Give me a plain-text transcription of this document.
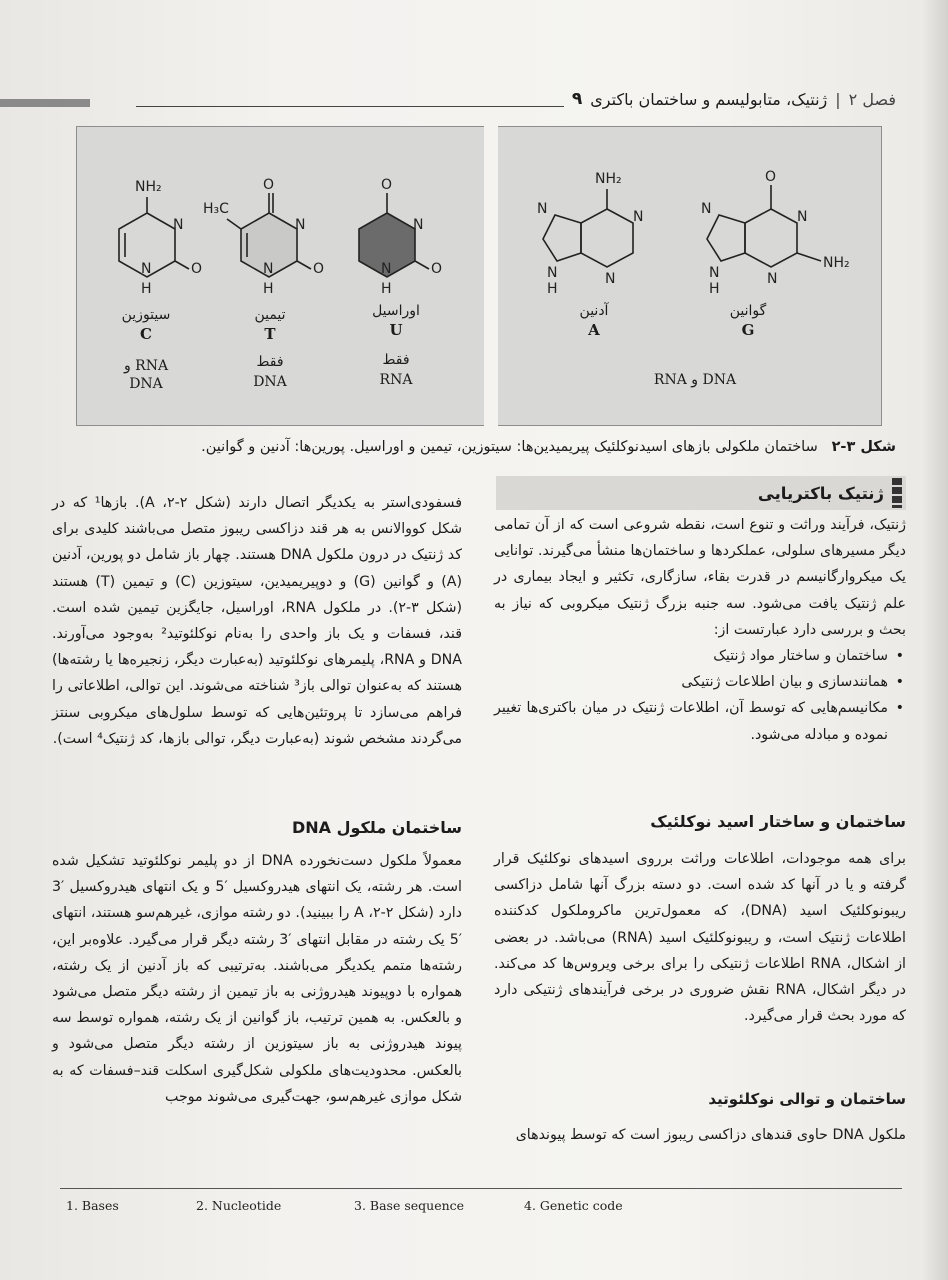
فصل ۲
|
ژنتیک، متابولیسم و ساختمان باکتری
۹
NH₂
N
O
N
H
O
H₃C
N
O
N
H
O
N
O
N
H
NH₂
N
N
N
N
H
O
N
NH₂
N
N
N
H
سیتوزین
C
RNA و
DNA
تیمین
T
فقط
DNA
اوراسیل
U
فقط
RNA
آدنین
A
گوانین
G
DNA و RNA
شکل ۳-۲   ساختمان ملکولی بازهای اسیدنوکلئیک پیریمیدین‌ها: سیتوزین، تیمین و اوراسیل. پورین‌ها: آدنین و گوانین.
ژنتیک باکتریایی

ژنتیک، فرآیند وراثت و تنوع است، نقطه شروعی است که از آن تمامی دیگر مسیرهای سلولی، عملکردها و ساختمان‌ها منشأ می‌گیرند. توانایی یک میکروارگانیسم در قدرت بقاء، سازگاری، تکثیر و ایجاد بیماری در علم ژنتیک یافت می‌شود. سه جنبه بزرگ ژنتیک میکروبی که نیاز به بحث و بررسی دارد عبارتست از:

• ساختمان و ساختار مواد ژنتیک
• همانندسازی و بیان اطلاعات ژنتیکی
• مکانیسم‌هایی که توسط آن، اطلاعات ژنتیک در میان باکتری‌ها تغییر نموده و مبادله می‌شود.
ساختمان و ساختار اسید نوکلئیک

برای همه موجودات، اطلاعات وراثت برروی اسیدهای نوکلئیک قرار گرفته و یا در آنها کد شده است. دو دسته بزرگ آنها شامل دزاکسی ریبونوکلئیک اسید (DNA)، که معمول‌ترین ماکروملکول کدکننده اطلاعات ژنتیک است، و ریبونوکلئیک اسید (RNA) می‌باشد. در بعضی از اشکال، RNA اطلاعات ژنتیکی را برای برخی ویروس‌ها کد می‌کند. در دیگر اشکال، RNA نقش ضروری در برخی فرآیندهای ژنتیکی دارد که مورد بحث قرار می‌گیرد.

ساختمان و توالی نوکلئوتید

ملکول DNA حاوی قندهای دزاکسی ریبوز است که توسط پیوندهای

فسفودی‌استر به یکدیگر اتصال دارند (شکل ۲-۲، A). بازها¹ که در شکل کووالانس به هر قند دزاکسی ریبوز متصل می‌باشند کلیدی برای کد ژنتیک در درون ملکول DNA هستند. چهار باز شامل دو پورین، آدنین (A) و گوانین (G) و دوپیریمیدین، سیتوزین (C) و تیمین (T) هستند (شکل ۳-۲). در ملکول RNA، اوراسیل، جایگزین تیمین شده است. قند، فسفات و یک باز واحدی را به‌نام نوکلئوتید² به‌وجود می‌آورند. DNA و RNA، پلیمرهای نوکلئوتید (به‌عبارت دیگر، زنجیره‌ها یا رشته‌ها) هستند که به‌عنوان توالی باز³ شناخته می‌شوند. این توالی، اطلاعاتی را فراهم می‌سازد تا پروتئین‌هایی که توسط سلول‌های میکروبی سنتز می‌گردند مشخص شوند (به‌عبارت دیگر، توالی بازها، کد ژنتیک⁴ است).

ساختمان ملکول DNA

معمولاً ملکول دست‌نخورده DNA از دو پلیمر نوکلئوتید تشکیل شده است. هر رشته، یک انتهای هیدروکسیل ′5 و یک انتهای هیدروکسیل ′3 دارد (شکل ۲-۲، A را ببینید). دو رشته موازی، غیرهم‌سو هستند، انتهای ′5 یک رشته در مقابل انتهای ′3 رشته دیگر قرار می‌گیرد. علاوه‌بر این، رشته‌ها متمم یکدیگر می‌باشند. به‌ترتیبی که باز آدنین از یک رشته، همواره با دوپیوند هیدروژنی به باز تیمین از رشته دیگر متصل می‌شود و بالعکس. به همین ترتیب، باز گوانین از یک رشته، همواره توسط سه پیوند هیدروژنی به باز سیتوزین از رشته دیگر متصل می‌شود و بالعکس. محدودیت‌های ملکولی شکل‌گیری اسکلت قند–فسفات که به شکل موازی غیرهم‌سو، جهت‌گیری می‌شوند موجب

1. Bases	2. Nucleotide	3. Base sequence	4. Genetic code
